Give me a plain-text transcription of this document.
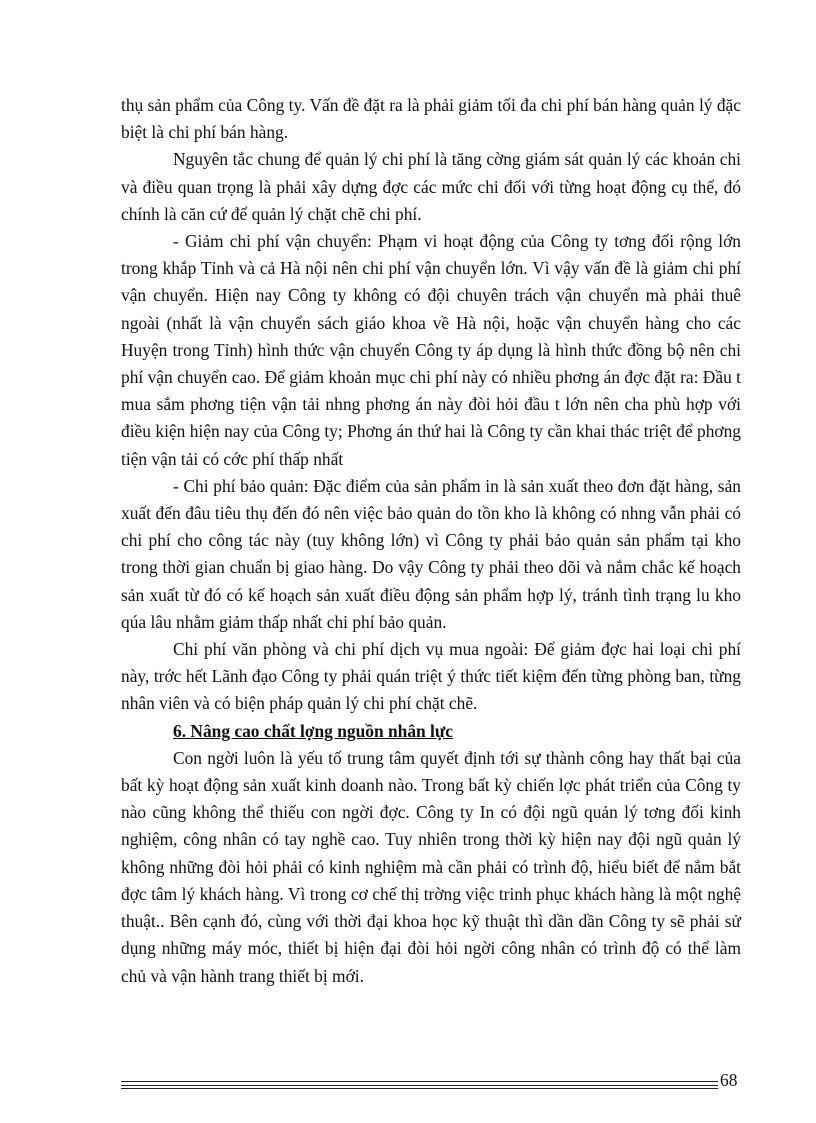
thụ sản phẩm của Công ty. Vấn đề đặt ra là phải giảm tối đa chi phí bán hàng quản lý đặc biệt là chi phí bán hàng.

Nguyên tắc chung để quản lý chi phí là tăng cờng giám sát quản lý các khoản chi và điều quan trọng là phải xây dựng đợc các mức chi đối với từng hoạt động cụ thể, đó chính là căn cứ để quản lý chặt chẽ chi phí.

- Giảm chi phí vận chuyển: Phạm vi hoạt động của Công ty tơng đối rộng lớn trong khắp Tỉnh và cả Hà nội nên chi phí vận chuyển lớn. Vì vậy vấn đề là giảm chi phí vận chuyển. Hiện nay Công ty không có đội chuyên trách vận chuyển mà phải thuê ngoài (nhất là vận chuyển sách giáo khoa về Hà nội, hoặc vận chuyển hàng cho các Huyện trong Tỉnh) hình thức vận chuyển Công ty áp dụng là hình thức đồng bộ nên chi phí vận chuyển cao. Để giảm khoản mục chi phí này có nhiều phơng án đợc đặt ra: Đầu t mua sắm phơng tiện vận tải nhng phơng án này đòi hỏi đầu t lớn nên cha phù hợp với điều kiện hiện nay của Công ty; Phơng án thứ hai là Công ty cần khai thác triệt để phơng tiện vận tải có cớc phí thấp nhất

- Chi phí bảo quản: Đặc điểm của sản phẩm in là sản xuất theo đơn đặt hàng, sản xuất đến đâu tiêu thụ đến đó nên việc bảo quản do tồn kho là không có nhng vẫn phải có chi phí cho công tác này (tuy không lớn) vì Công ty phải bảo quản sản phẩm tại kho trong thời gian chuẩn bị giao hàng. Do vậy Công ty phải theo dõi và nắm chắc kế hoạch sản xuất từ đó có kế hoạch sản xuất điều động sản phẩm hợp lý, tránh tình trạng lu kho qúa lâu nhằm giảm thấp nhất chi phí bảo quản.

Chi phí văn phòng và chi phí dịch vụ mua ngoài: Để giảm đợc hai loại chi phí này, trớc hết Lãnh đạo Công ty phải quán triệt ý thức tiết kiệm đến từng phòng ban, từng nhân viên và có biện pháp quản lý chi phí chặt chẽ.

6. Nâng cao chất lợng nguồn nhân lực

Con ngời luôn là yếu tố trung tâm quyết định tới sự thành công hay thất bại của bất kỳ hoạt động sản xuất kinh doanh nào. Trong bất kỳ chiến lợc phát triển của Công ty nào cũng không thể thiếu con ngời đợc. Công ty In có đội ngũ quản lý tơng đối kinh nghiệm, công nhân có tay nghề cao. Tuy nhiên trong thời kỳ hiện nay đội ngũ quản lý không những đòi hỏi phải có kinh nghiệm mà cần phải có trình độ, hiểu biết để nắm bắt đợc tâm lý khách hàng. Vì trong cơ chế thị trờng việc trinh phục khách hàng là một nghệ thuật.. Bên cạnh đó, cùng với thời đại khoa học kỹ thuật thì dần dần Công ty sẽ phải sử dụng những máy móc, thiết bị hiện đại đòi hỏi ngời công nhân có trình độ có thể làm chủ và vận hành trang thiết bị mới.

68
